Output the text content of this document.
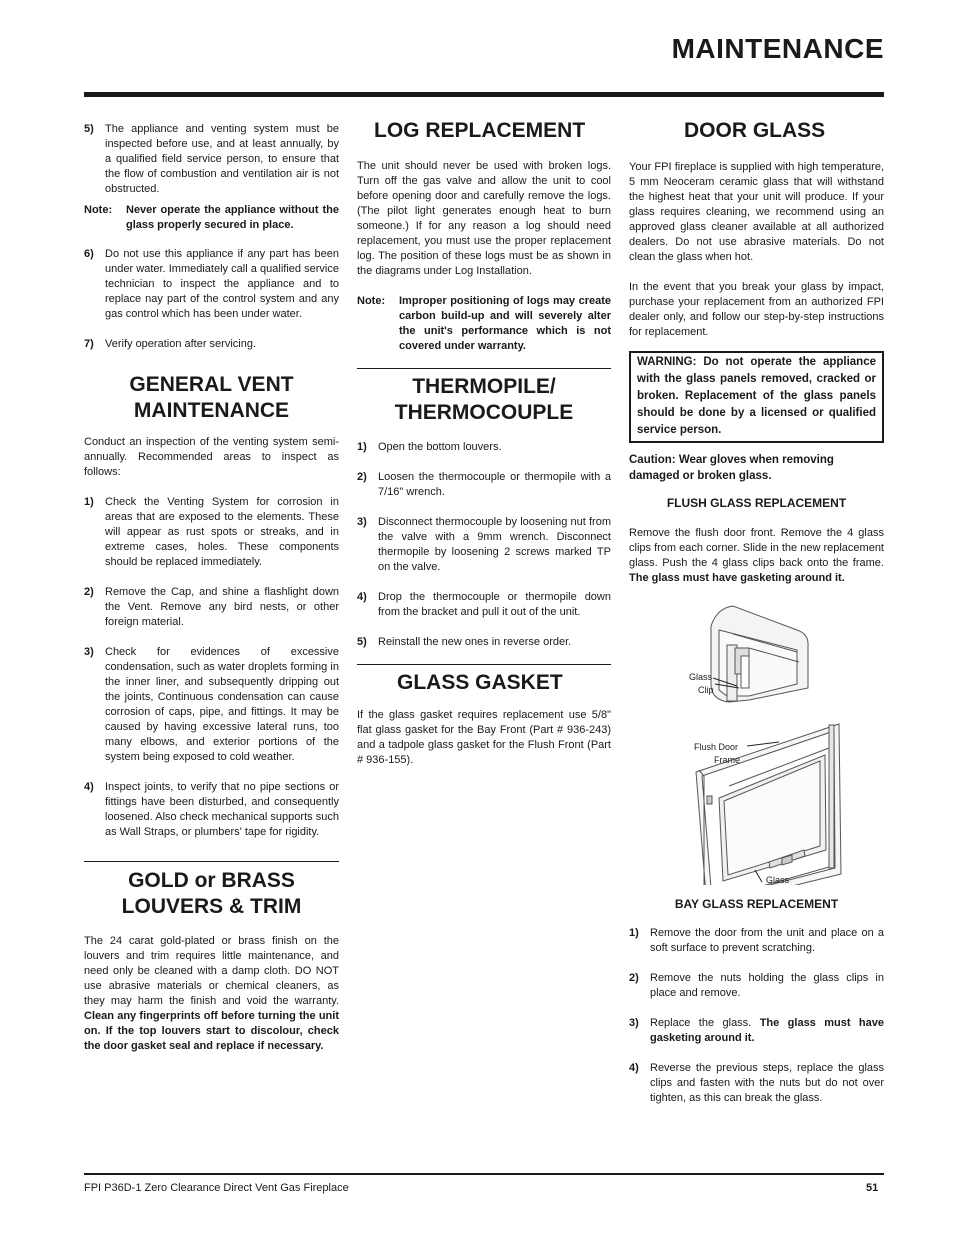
MAINTENANCE
5)	The appliance and venting system must be inspected before use, and at least annually, by a qualified field service person, to ensure that the flow of combustion and ventilation air is not obstructed.
Note:	Never operate the appliance without the glass properly secured in place.
6)	Do not use this appliance if any part has been under water. Immediately call a qualified service technician to inspect the appliance and to replace nay part of the control system and any gas control which has been under water.
7)	Verify operation after servicing.
GENERAL VENT
MAINTENANCE

Conduct an inspection of the venting system semi-annually. Recommended areas to inspect as follows:

1)	Check the Venting System for corrosion in areas that are exposed to the elements. These will appear as rust spots or streaks, and in extreme cases, holes. These components should be replaced immediately.
2)	Remove the Cap, and shine a flashlight down the Vent. Remove any bird nests, or other foreign material.
3)	Check for evidences of excessive condensation, such as water droplets forming in the inner liner, and subsequently dripping out the joints, Continuous condensation can cause corrosion of caps, pipe, and fittings. It may be caused by having excessive lateral runs, too many elbows, and exterior portions of the system being exposed to cold weather.
4)	Inspect joints, to verify that no pipe sections or fittings have been disturbed, and consequently loosened. Also check mechanical supports such as Wall Straps, or plumbers' tape for rigidity.
GOLD or BRASS
LOUVERS & TRIM

The 24 carat gold-plated or brass finish on the louvers and trim requires little maintenance, and need only be cleaned with a damp cloth. DO NOT use abrasive materials or chemical cleaners, as they may harm the finish and void the warranty. Clean any fingerprints off before turning the unit on. If the top louvers start to discolour, check the door gasket seal and replace if necessary.

LOG REPLACEMENT

The unit should never be used with broken logs. Turn off the gas valve and allow the unit to cool before opening door and carefully remove the logs. (The pilot light generates enough heat to burn someone.) If for any reason a log should need replacement, you must use the proper replacement log. The position of these logs must be as shown in the diagrams under Log Installation.

Note:	Improper positioning of logs may create carbon build-up and will severely alter the unit's performance which is not covered under warranty.
THERMOPILE/
THERMOCOUPLE
1)	Open the bottom louvers.
2)	Loosen the thermocouple or thermopile with a 7/16" wrench.
3)	Disconnect thermocouple by loosening nut from the valve with a 9mm wrench. Disconnect thermopile by loosening 2 screws marked TP on the valve.
4)	Drop the thermocouple or thermopile down from the bracket and pull it out of the unit.
5)	Reinstall the new ones in reverse order.
GLASS GASKET

If the glass gasket requires replacement use 5/8" flat glass gasket for the Bay Front (Part # 936-243) and a tadpole glass gasket for the Flush Front (Part # 936-155).

DOOR GLASS

Your FPI fireplace is supplied with high temperature, 5 mm Neoceram ceramic glass that will withstand the highest heat that your unit will produce. If your glass requires cleaning, we recommend using an approved glass cleaner available at all authorized dealers. Do not use abrasive materials. Do not clean the glass when hot.

In the event that you break your glass by impact, purchase your replacement from an authorized FPI dealer only, and follow our step-by-step instructions for replacement.

WARNING: Do not operate the appliance with the glass panels removed, cracked or broken. Replacement of the glass panels should be done by a licensed or qualified service person.

Caution: Wear gloves when removing damaged or broken glass.

FLUSH GLASS REPLACEMENT

Remove the flush door front. Remove the 4 glass clips from each corner. Slide in the new replacement glass. Push the 4 glass clips back onto the frame. The glass must have gasketing around it.

Glass
Clip
Flush Door
Frame
Glass
BAY GLASS REPLACEMENT
1)	Remove the door from the unit and place on a soft surface to prevent scratching.
2)	Remove the nuts holding the glass clips in place and remove.
3)	Replace the glass. The glass must have gasketing around it.
4)	Reverse the previous steps, replace the glass clips and fasten with the nuts but do not over tighten, as this can break the glass.
FPI P36D-1 Zero Clearance Direct Vent Gas Fireplace	51
